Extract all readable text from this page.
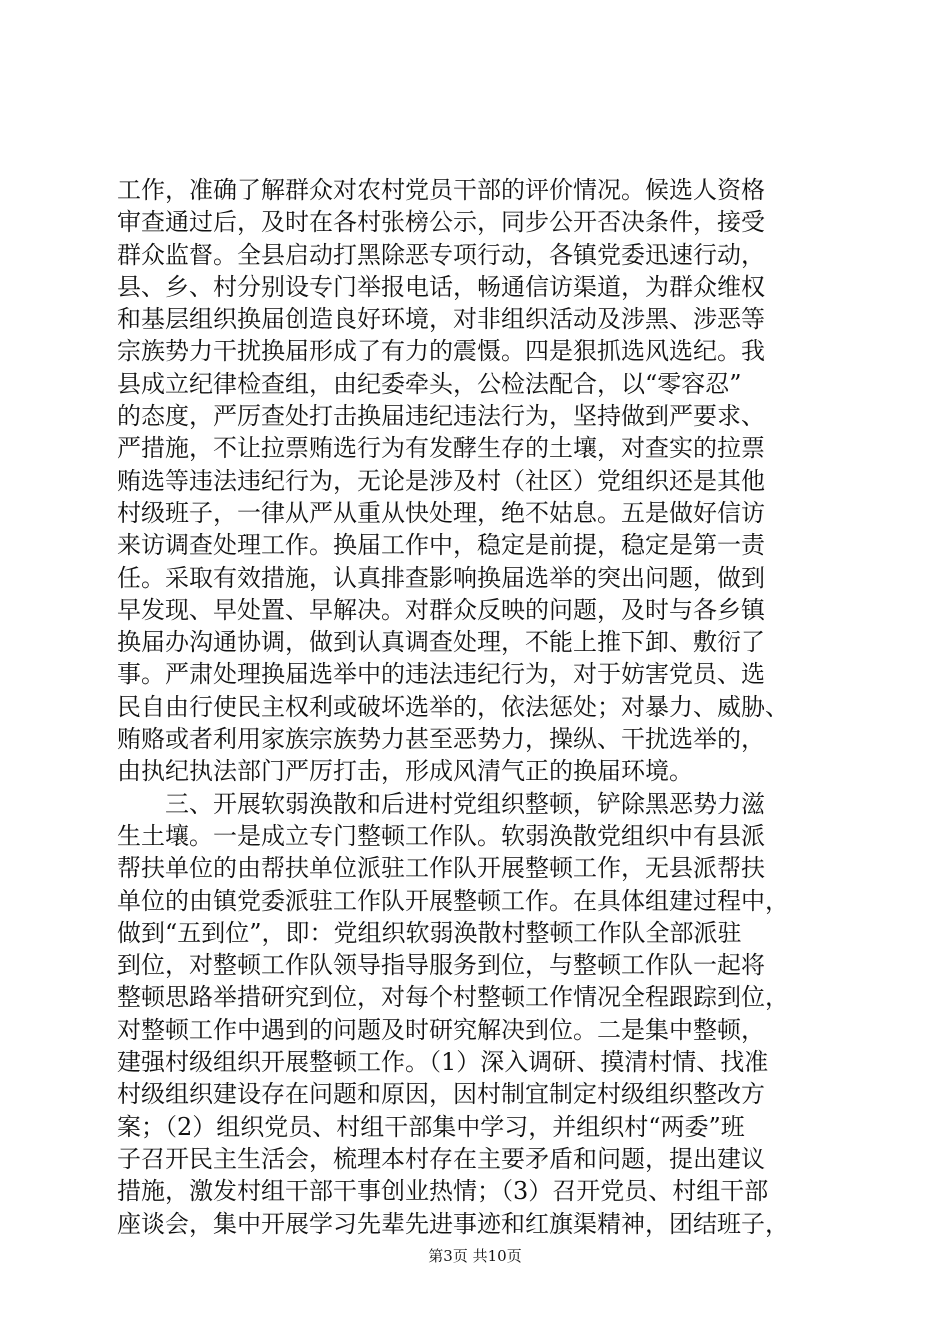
工作，准确了解群众对农村党员干部的评价情况。候选人资格
审查通过后，及时在各村张榜公示，同步公开否决条件，接受
群众监督。全县启动打黑除恶专项行动，各镇党委迅速行动，
县、乡、村分别设专门举报电话，畅通信访渠道，为群众维权
和基层组织换届创造良好环境，对非组织活动及涉黑、涉恶等
宗族势力干扰换届形成了有力的震慑。四是狠抓选风选纪。我
县成立纪律检查组，由纪委牵头，公检法配合，以“零容忍”
的态度，严厉查处打击换届违纪违法行为，坚持做到严要求、
严措施，不让拉票贿选行为有发酵生存的土壤，对查实的拉票
贿选等违法违纪行为，无论是涉及村（社区）党组织还是其他
村级班子，一律从严从重从快处理，绝不姑息。五是做好信访
来访调查处理工作。换届工作中，稳定是前提，稳定是第一责
任。采取有效措施，认真排查影响换届选举的突出问题，做到
早发现、早处置、早解决。对群众反映的问题，及时与各乡镇
换届办沟通协调，做到认真调查处理，不能上推下卸、敷衍了
事。严肃处理换届选举中的违法违纪行为，对于妨害党员、选
民自由行使民主权利或破坏选举的，依法惩处；对暴力、威胁、
贿赂或者利用家族宗族势力甚至恶势力，操纵、干扰选举的，
由执纪执法部门严厉打击，形成风清气正的换届环境。
　　三、开展软弱涣散和后进村党组织整顿，铲除黑恶势力滋
生土壤。一是成立专门整顿工作队。软弱涣散党组织中有县派
帮扶单位的由帮扶单位派驻工作队开展整顿工作，无县派帮扶
单位的由镇党委派驻工作队开展整顿工作。在具体组建过程中，
做到“五到位”，即：党组织软弱涣散村整顿工作队全部派驻
到位，对整顿工作队领导指导服务到位，与整顿工作队一起将
整顿思路举措研究到位，对每个村整顿工作情况全程跟踪到位，
对整顿工作中遇到的问题及时研究解决到位。二是集中整顿，
建强村级组织开展整顿工作。（1）深入调研、摸清村情、找准
村级组织建设存在问题和原因，因村制宜制定村级组织整改方
案；（2）组织党员、村组干部集中学习，并组织村“两委”班
子召开民主生活会，梳理本村存在主要矛盾和问题，提出建议
措施，激发村组干部干事创业热情；（3）召开党员、村组干部
座谈会，集中开展学习先辈先进事迹和红旗渠精神，团结班子，
第3页 共10页
